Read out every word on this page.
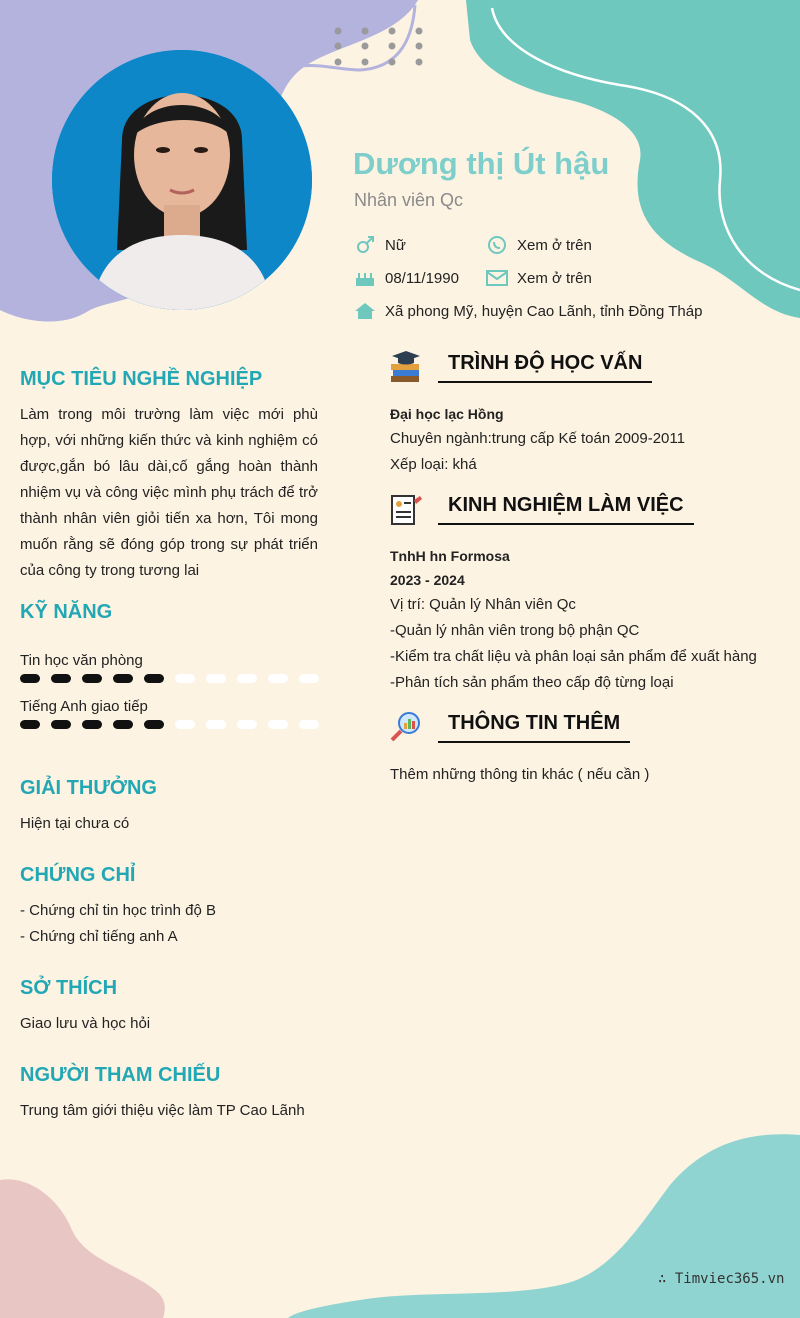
Dương thị Út hậu
Nhân viên Qc
Nữ	Xem ở trên
08/11/1990	Xem ở trên
Xã phong Mỹ, huyện Cao Lãnh, tỉnh Đồng Tháp
MỤC TIÊU NGHỀ NGHIỆP
Làm trong môi trường làm việc mới phù hợp, với những kiến thức và kinh nghiệm có được,gắn bó lâu dài,cố gắng hoàn thành nhiệm vụ và công việc mình phụ trách để trở thành nhân viên giỏi tiến xa hơn, Tôi mong muốn rằng sẽ đóng góp trong sự phát triển của công ty trong tương lai
KỸ NĂNG
Tin học văn phòng
Tiếng Anh giao tiếp
GIẢI THƯỞNG
Hiện tại chưa có
CHỨNG CHỈ
- Chứng chỉ tin học trình độ B
- Chứng chỉ tiếng anh A
SỞ THÍCH
Giao lưu và học hỏi
NGƯỜI THAM CHIẾU
Trung tâm giới thiệu việc làm TP Cao Lãnh
TRÌNH ĐỘ HỌC VẤN
Đại học lạc Hồng
Chuyên ngành:trung cấp Kế toán 2009-2011
Xếp loại: khá
KINH NGHIỆM LÀM VIỆC
TnhH hn Formosa
2023 - 2024
Vị trí: Quản lý Nhân viên Qc
-Quản lý nhân viên trong bộ phận QC
-Kiểm tra chất liệu và phân loại sản phẩm để xuất hàng
-Phân tích sản phẩm theo cấp độ từng loại
THÔNG TIN THÊM
Thêm những thông tin khác ( nếu cần )
∴ Timviec365.vn
